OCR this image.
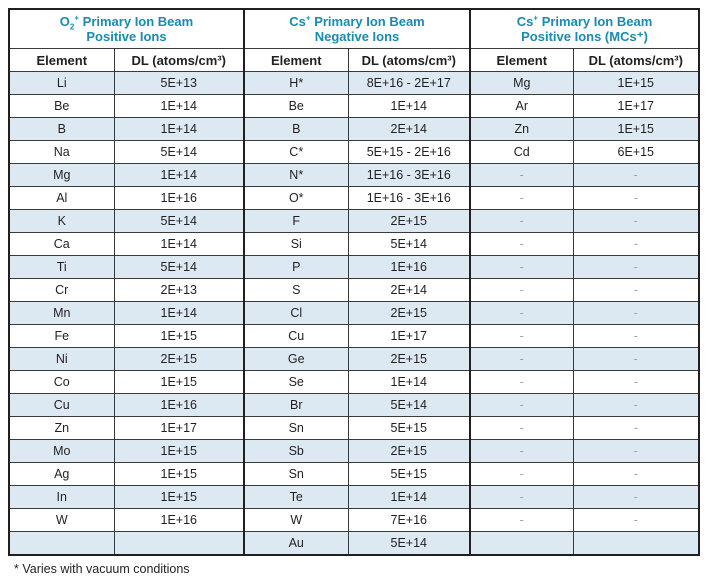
$O_2^+$ Primary Ion Beam
Positive Ions		Cs+ Primary Ion Beam
Negative Ions		Cs+ Primary Ion Beam
Positive Ions (MCs⁺)	
Element	DL (atoms/cm³)	Element	DL (atoms/cm³)	Element	DL (atoms/cm³)
Li	5E+13	H*	8E+16 - 2E+17	Mg	1E+15
Be	1E+14	Be	1E+14	Ar	1E+17
B	1E+14	B	2E+14	Zn	1E+15
Na	5E+14	C*	5E+15 - 2E+16	Cd	6E+15
Mg	1E+14	N*	1E+16 - 3E+16	-	-
Al	1E+16	O*	1E+16 - 3E+16	-	-
K	5E+14	F	2E+15	-	-
Ca	1E+14	Si	5E+14	-	-
Ti	5E+14	P	1E+16	-	-
Cr	2E+13	S	2E+14	-	-
Mn	1E+14	Cl	2E+15	-	-
Fe	1E+15	Cu	1E+17	-	-
Ni	2E+15	Ge	2E+15	-	-
Co	1E+15	Se	1E+14	-	-
Cu	1E+16	Br	5E+14	-	-
Zn	1E+17	Sn	5E+15	-	-
Mo	1E+15	Sb	2E+15	-	-
Ag	1E+15	Sn	5E+15	-	-
In	1E+15	Te	1E+14	-	-
W	1E+16	W	7E+16	-	-
		Au	5E+14		
* Varies with vacuum conditions
